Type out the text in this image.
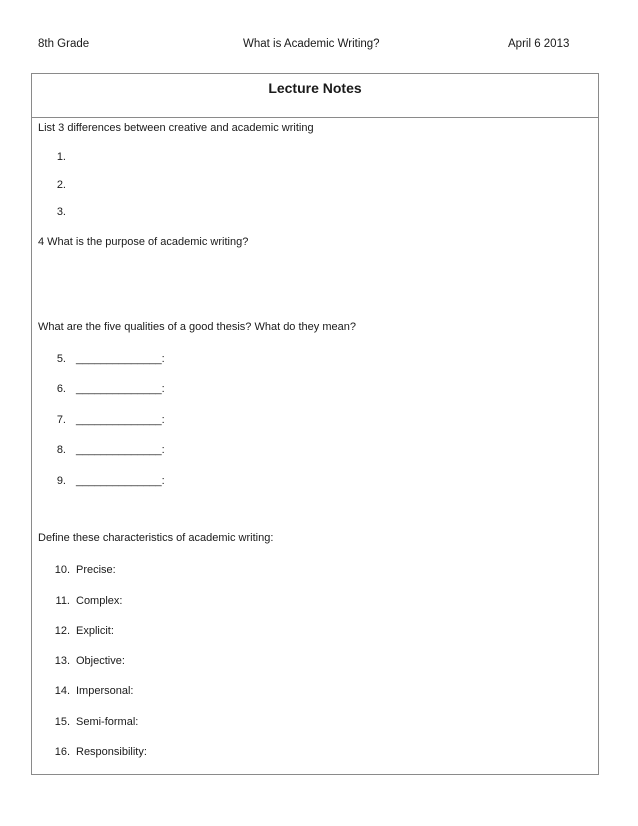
8th Grade	What is Academic Writing?	April 6 2013
Lecture Notes
List 3 differences between creative and academic writing
1.
2.
3.
4 What is the purpose of academic writing?
What are the five qualities of a good thesis? What do they mean?
5. ______________:
6. ______________:
7. ______________:
8. ______________:
9. ______________:
Define these characteristics of academic writing:
10. Precise:
11. Complex:
12. Explicit:
13. Objective:
14. Impersonal:
15. Semi-formal:
16. Responsibility:
